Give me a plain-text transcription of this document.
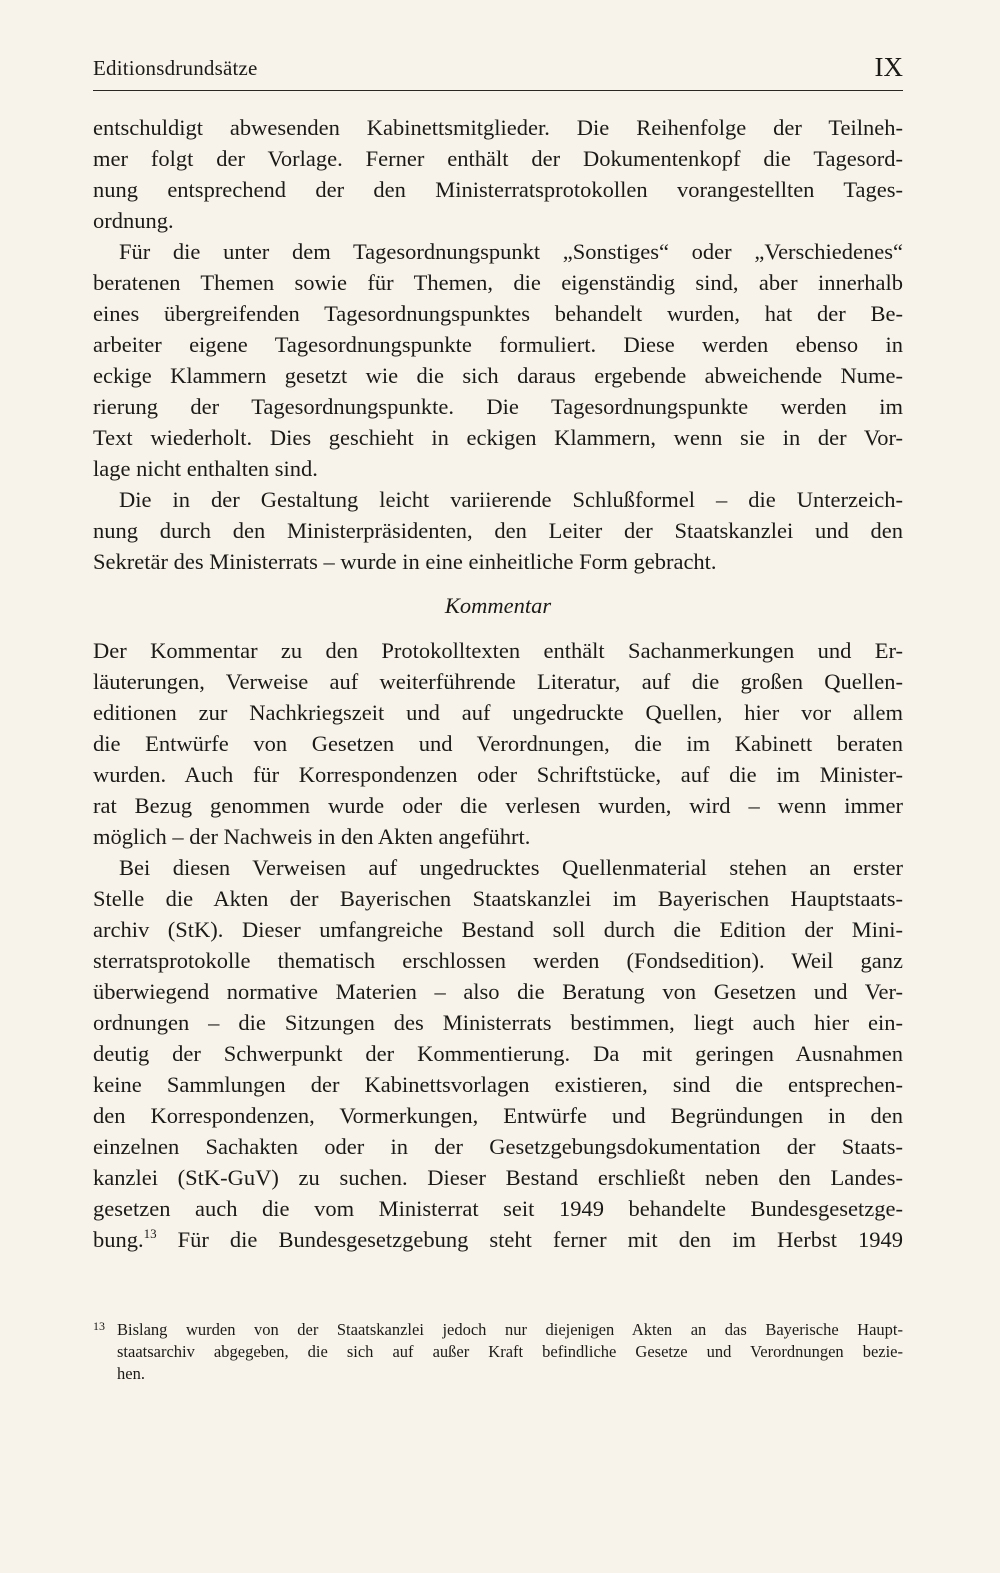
Editionsdrundsätze	IX
entschuldigt abwesenden Kabinettsmitglieder. Die Reihenfolge der Teilneh-
mer folgt der Vorlage. Ferner enthält der Dokumentenkopf die Tagesord-
nung entsprechend der den Ministerratsprotokollen vorangestellten Tages-
ordnung.
Für die unter dem Tagesordnungspunkt „Sonstiges“ oder „Verschiedenes“
beratenen Themen sowie für Themen, die eigenständig sind, aber innerhalb
eines übergreifenden Tagesordnungspunktes behandelt wurden, hat der Be-
arbeiter eigene Tagesordnungspunkte formuliert. Diese werden ebenso in
eckige Klammern gesetzt wie die sich daraus ergebende abweichende Nume-
rierung der Tagesordnungspunkte. Die Tagesordnungspunkte werden im
Text wiederholt. Dies geschieht in eckigen Klammern, wenn sie in der Vor-
lage nicht enthalten sind.
Die in der Gestaltung leicht variierende Schlußformel – die Unterzeich-
nung durch den Ministerpräsidenten, den Leiter der Staatskanzlei und den
Sekretär des Ministerrats – wurde in eine einheitliche Form gebracht.
Kommentar
Der Kommentar zu den Protokolltexten enthält Sachanmerkungen und Er-
läuterungen, Verweise auf weiterführende Literatur, auf die großen Quellen-
editionen zur Nachkriegszeit und auf ungedruckte Quellen, hier vor allem
die Entwürfe von Gesetzen und Verordnungen, die im Kabinett beraten
wurden. Auch für Korrespondenzen oder Schriftstücke, auf die im Minister-
rat Bezug genommen wurde oder die verlesen wurden, wird – wenn immer
möglich – der Nachweis in den Akten angeführt.
Bei diesen Verweisen auf ungedrucktes Quellenmaterial stehen an erster
Stelle die Akten der Bayerischen Staatskanzlei im Bayerischen Hauptstaats-
archiv (StK). Dieser umfangreiche Bestand soll durch die Edition der Mini-
sterratsprotokolle thematisch erschlossen werden (Fondsedition). Weil ganz
überwiegend normative Materien – also die Beratung von Gesetzen und Ver-
ordnungen – die Sitzungen des Ministerrats bestimmen, liegt auch hier ein-
deutig der Schwerpunkt der Kommentierung. Da mit geringen Ausnahmen
keine Sammlungen der Kabinettsvorlagen existieren, sind die entsprechen-
den Korrespondenzen, Vormerkungen, Entwürfe und Begründungen in den
einzelnen Sachakten oder in der Gesetzgebungsdokumentation der Staats-
kanzlei (StK-GuV) zu suchen. Dieser Bestand erschließt neben den Landes-
gesetzen auch die vom Ministerrat seit 1949 behandelte Bundesgesetzge-
bung.$^{13}$ Für die Bundesgesetzgebung steht ferner mit den im Herbst 1949
13 Bislang wurden von der Staatskanzlei jedoch nur diejenigen Akten an das Bayerische Haupt-
staatsarchiv abgegeben, die sich auf außer Kraft befindliche Gesetze und Verordnungen bezie-
hen.
